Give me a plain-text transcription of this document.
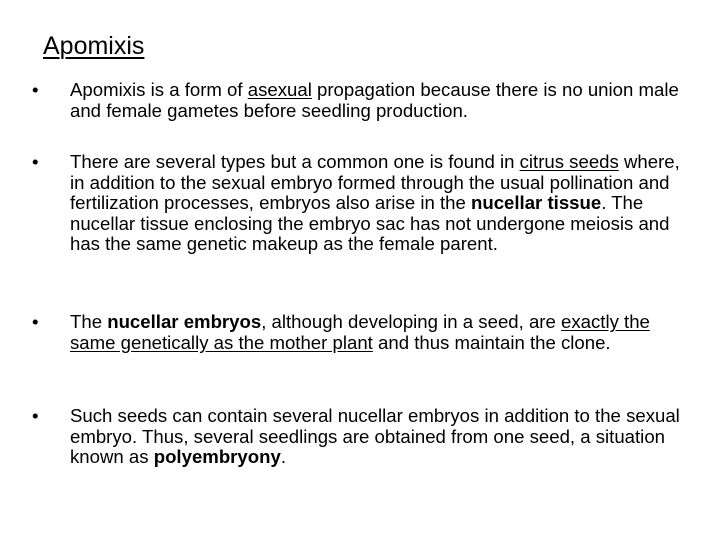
Apomixis
•	Apomixis is a form of asexual propagation because there is no union male and female gametes before seedling production.
•	There are several types but a common one is found in citrus seeds where, in addition to the sexual embryo formed through the usual pollination and fertilization processes, embryos also arise in the nucellar tissue. The nucellar tissue enclosing the embryo sac has not undergone meiosis and has the same genetic makeup as the female parent.
•	The nucellar embryos, although developing in a seed, are exactly the same genetically as the mother plant and thus maintain the clone.
•	Such seeds can contain several nucellar embryos in addition to the sexual embryo. Thus, several seedlings are obtained from one seed, a situation known as polyembryony.
